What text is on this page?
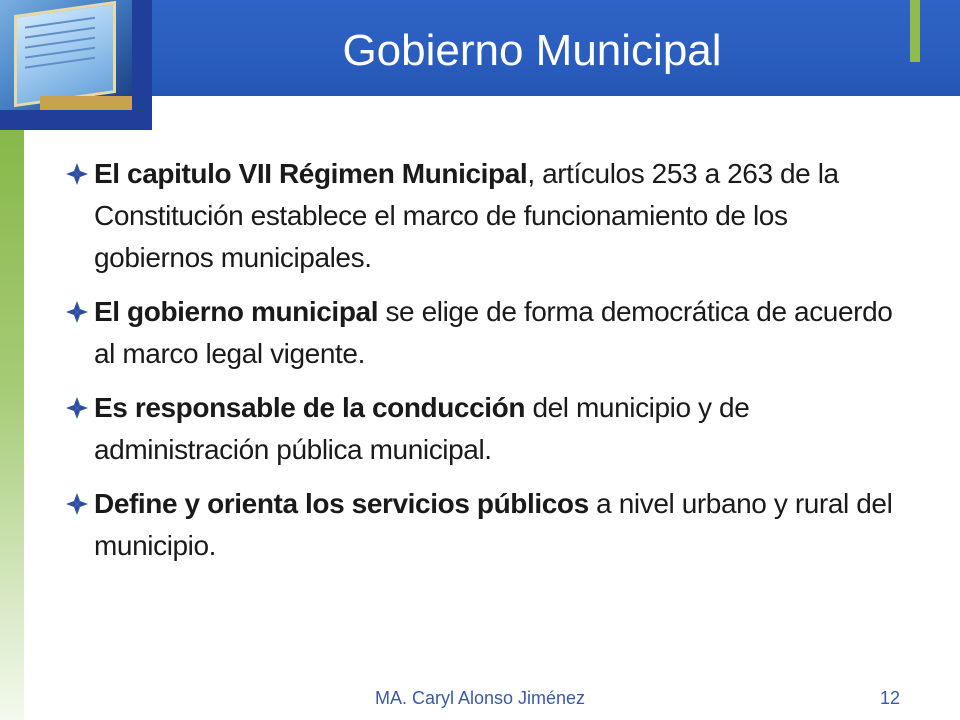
Gobierno Municipal
El capitulo VII Régimen Municipal, artículos 253 a 263 de la Constitución establece el marco de funcionamiento de los gobiernos municipales.
El gobierno municipal se elige de forma democrática de acuerdo al marco legal vigente.
Es responsable de la conducción del municipio y de administración pública municipal.
Define y orienta los servicios públicos a nivel urbano y rural del municipio.
MA. Caryl Alonso Jiménez	12
